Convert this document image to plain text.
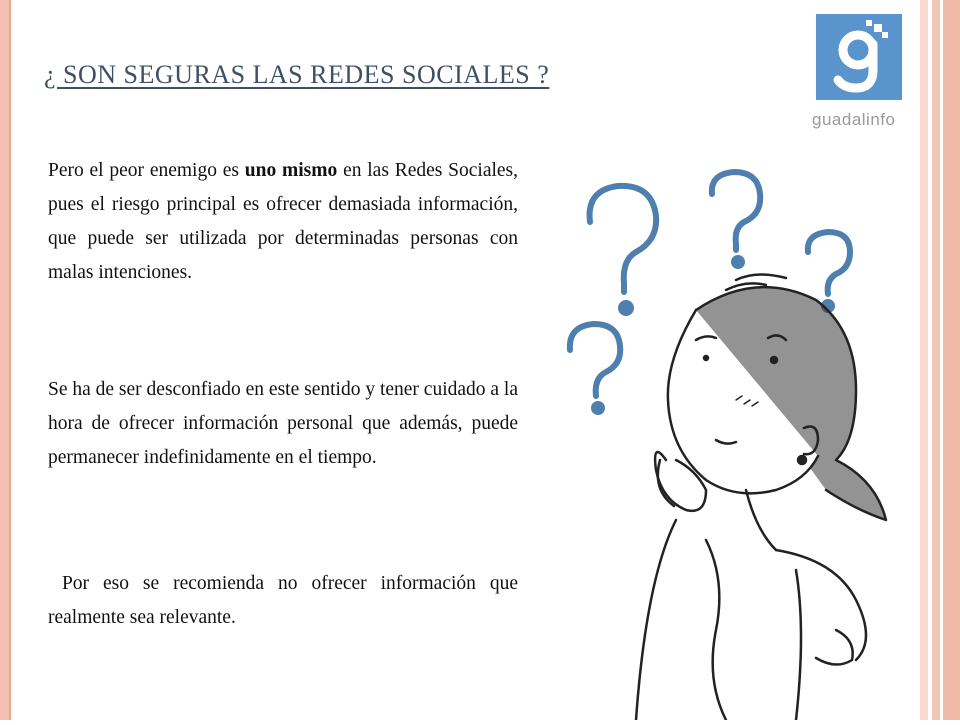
¿ SON SEGURAS LAS REDES SOCIALES ?

Pero el peor enemigo es uno mismo en las Redes Sociales, pues el riesgo principal es ofrecer demasiada información, que puede ser utilizada por determinadas personas con malas intenciones.

Se ha de ser desconfiado en este sentido y tener cuidado a la hora de ofrecer información personal que además, puede permanecer indefinidamente en el tiempo.

Por eso se recomienda no ofrecer información que realmente sea relevante.

guadalinfo
